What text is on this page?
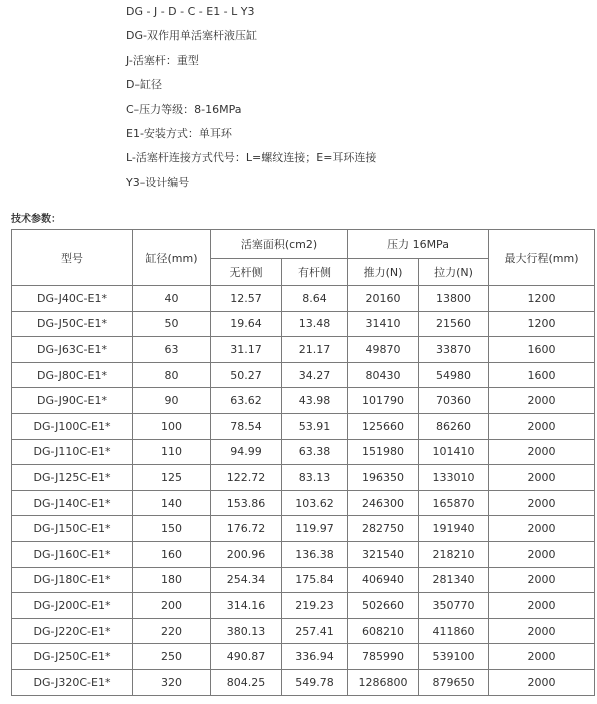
DG - J - D - C - E1 - L Y3
DG-双作用单活塞杆液压缸
J-活塞杆：重型
D–缸径
C–压力等级：8-16MPa
E1-安装方式：单耳环
L-活塞杆连接方式代号：L=螺纹连接；E=耳环连接
Y3–设计编号
技术参数：
型号	缸径(mm)	活塞面积(cm2)		压力 16MPa		最大行程(mm)
		无杆侧	有杆侧	推力(N)	拉力(N)	
DG-J40C-E1*	40	12.57	8.64	20160	13800	1200
DG-J50C-E1*	50	19.64	13.48	31410	21560	1200
DG-J63C-E1*	63	31.17	21.17	49870	33870	1600
DG-J80C-E1*	80	50.27	34.27	80430	54980	1600
DG-J90C-E1*	90	63.62	43.98	101790	70360	2000
DG-J100C-E1*	100	78.54	53.91	125660	86260	2000
DG-J110C-E1*	110	94.99	63.38	151980	101410	2000
DG-J125C-E1*	125	122.72	83.13	196350	133010	2000
DG-J140C-E1*	140	153.86	103.62	246300	165870	2000
DG-J150C-E1*	150	176.72	119.97	282750	191940	2000
DG-J160C-E1*	160	200.96	136.38	321540	218210	2000
DG-J180C-E1*	180	254.34	175.84	406940	281340	2000
DG-J200C-E1*	200	314.16	219.23	502660	350770	2000
DG-J220C-E1*	220	380.13	257.41	608210	411860	2000
DG-J250C-E1*	250	490.87	336.94	785990	539100	2000
DG-J320C-E1*	320	804.25	549.78	1286800	879650	2000
